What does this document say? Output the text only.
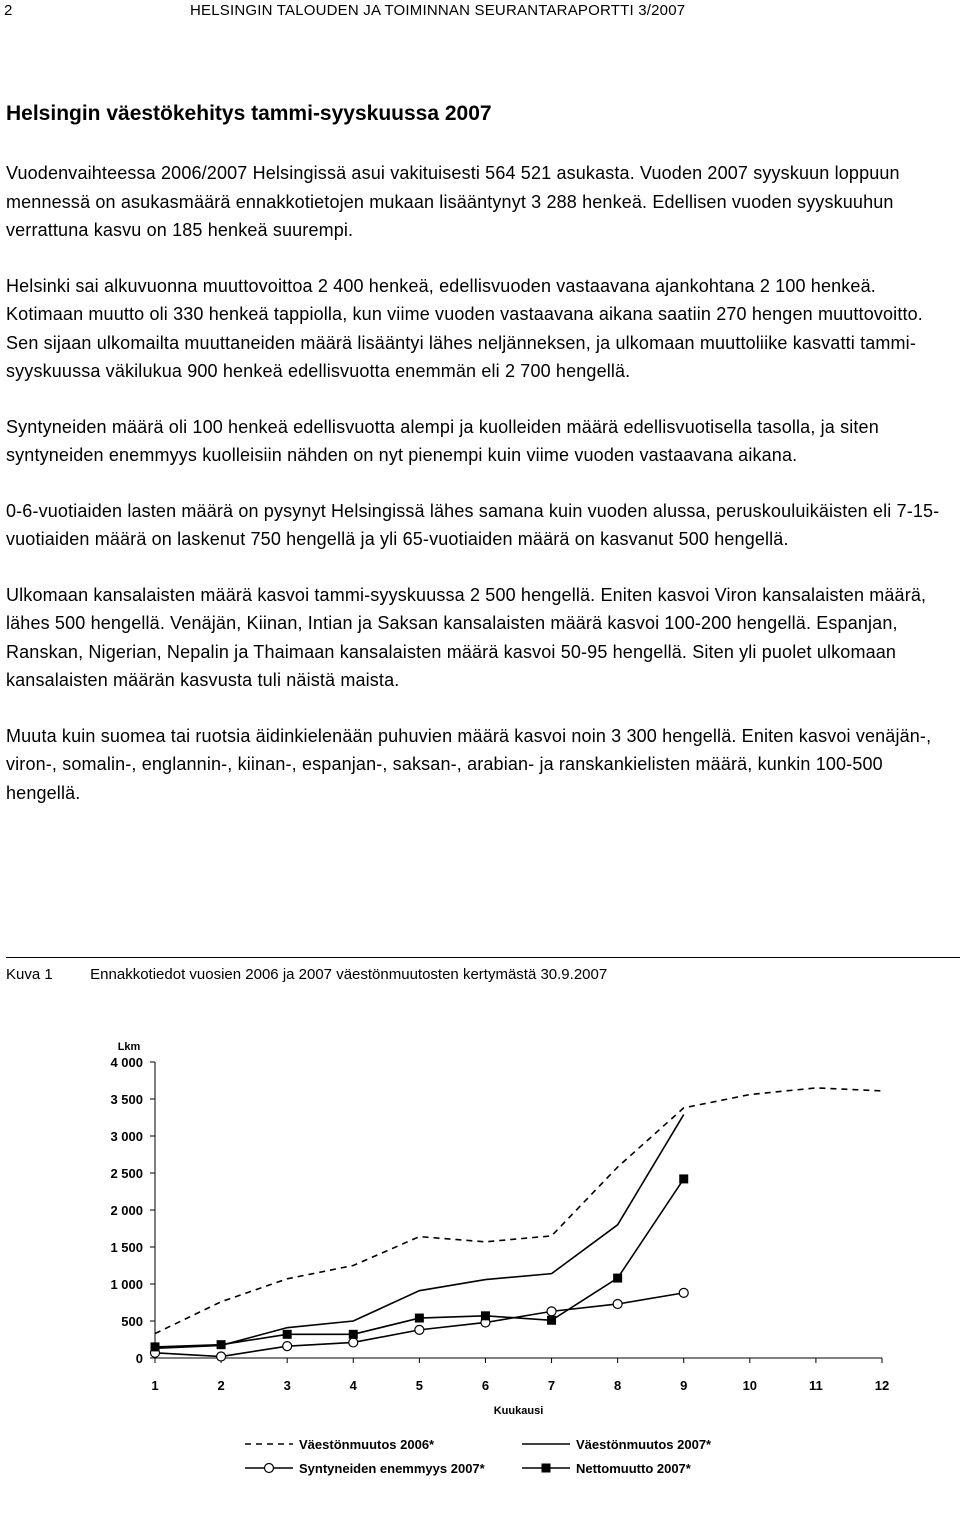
2	HELSINGIN TALOUDEN JA TOIMINNAN SEURANTARAPORTTI 3/2007
Helsingin väestökehitys tammi-syyskuussa 2007

Vuodenvaihteessa 2006/2007 Helsingissä asui vakituisesti 564 521 asukasta. Vuoden 2007 syyskuun loppuun mennessä on asukasmäärä ennakkotietojen mukaan lisääntynyt 3 288 henkeä. Edellisen vuoden syyskuuhun verrattuna kasvu on 185 henkeä suurempi.

Helsinki sai alkuvuonna muuttovoittoa 2 400 henkeä, edellisvuoden vastaavana ajankohtana 2 100 henkeä. Kotimaan muutto oli 330 henkeä tappiolla, kun viime vuoden vastaavana aikana saatiin 270 hengen muuttovoitto. Sen sijaan ulkomailta muuttaneiden määrä lisääntyi lähes neljänneksen, ja ulkomaan muuttoliike kasvatti tammi-syyskuussa väkilukua 900 henkeä edellisvuotta enemmän eli 2 700 hengellä.

Syntyneiden määrä oli 100 henkeä edellisvuotta alempi ja kuolleiden määrä edellisvuotisella tasolla, ja siten syntyneiden enemmyys kuolleisiin nähden on nyt pienempi kuin viime vuoden vastaavana aikana.

0-6-vuotiaiden lasten määrä on pysynyt Helsingissä lähes samana kuin vuoden alussa, peruskouluikäisten eli 7-15-vuotiaiden määrä on laskenut 750 hengellä ja yli 65-vuotiaiden määrä on kasvanut 500 hengellä.

Ulkomaan kansalaisten määrä kasvoi tammi-syyskuussa 2 500 hengellä. Eniten kasvoi Viron kansalaisten määrä, lähes 500 hengellä. Venäjän, Kiinan, Intian ja Saksan kansalaisten määrä kasvoi 100-200 hengellä. Espanjan, Ranskan, Nigerian, Nepalin ja Thaimaan kansalaisten määrä kasvoi 50-95 hengellä. Siten yli puolet ulkomaan kansalaisten määrän kasvusta tuli näistä maista.

Muuta kuin suomea tai ruotsia äidinkielenään puhuvien määrä kasvoi noin 3 300 hengellä. Eniten kasvoi venäjän-, viron-, somalin-, englannin-, kiinan-, espanjan-, saksan-, arabian- ja ranskankielisten määrä, kunkin 100-500 hengellä.

Kuva 1 Ennakkotiedot vuosien 2006 ja 2007 väestönmuutosten kertymästä 30.9.2007
0
500
1 000
1 500
2 000
2 500
3 000
3 500
4 000
1	2	3	4	5	6	7	8	9	10	11	12
Lkm
Kuukausi
Väestönmuutos 2006*	Väestönmuutos 2007*
Syntyneiden enemmyys 2007*	Nettomuutto 2007*
